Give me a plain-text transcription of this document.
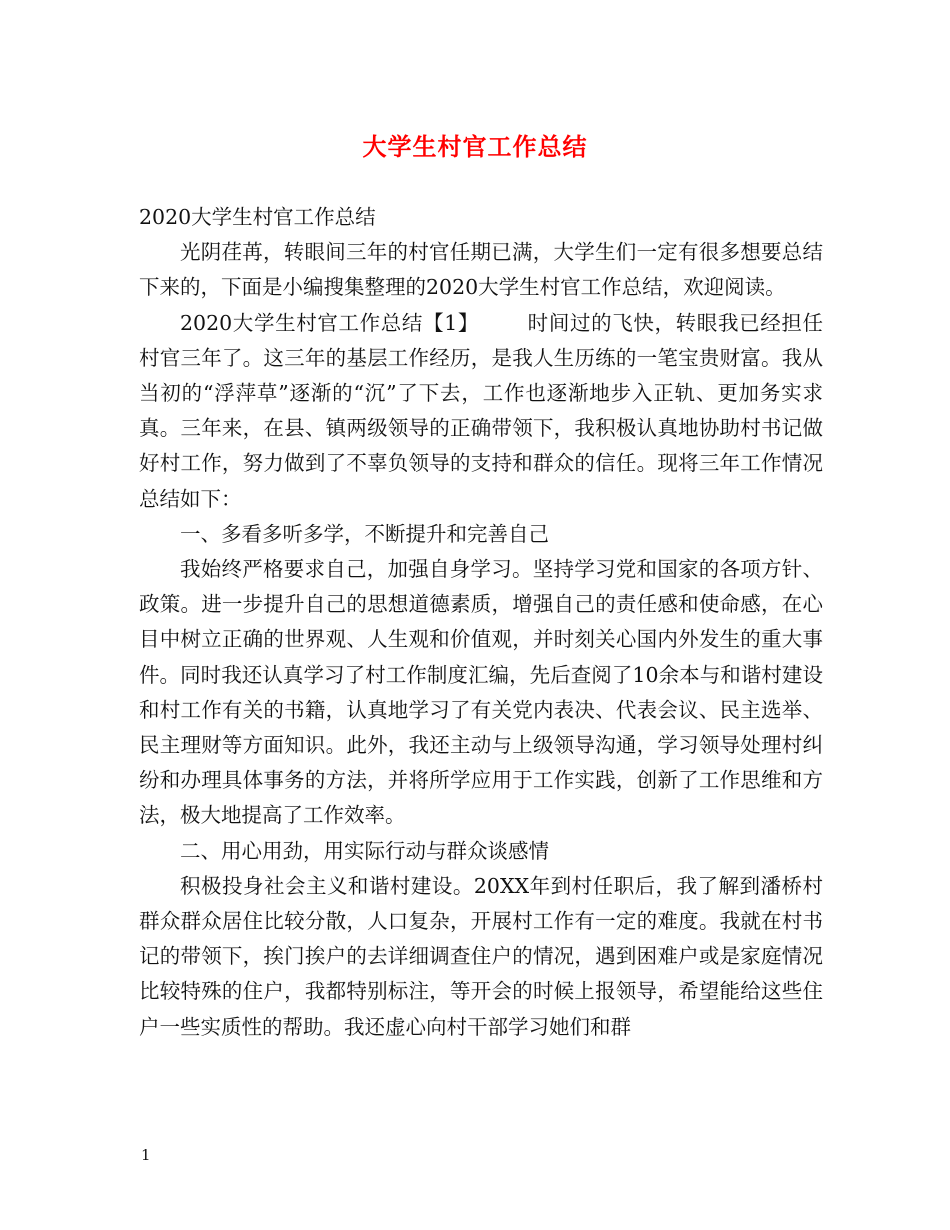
大学生村官工作总结

2020大学生村官工作总结

光阴荏苒，转眼间三年的村官任期已满，大学生们一定有很多想要总结下来的，下面是小编搜集整理的2020大学生村官工作总结，欢迎阅读。

2020大学生村官工作总结【1】 时间过的飞快，转眼我已经担任村官三年了。这三年的基层工作经历，是我人生历练的一笔宝贵财富。我从当初的“浮萍草”逐渐的“沉”了下去，工作也逐渐地步入正轨、更加务实求真。三年来，在县、镇两级领导的正确带领下，我积极认真地协助村书记做好村工作，努力做到了不辜负领导的支持和群众的信任。现将三年工作情况总结如下：

一、多看多听多学，不断提升和完善自己

我始终严格要求自己，加强自身学习。坚持学习党和国家的各项方针、政策。进一步提升自己的思想道德素质，增强自己的责任感和使命感，在心目中树立正确的世界观、人生观和价值观，并时刻关心国内外发生的重大事件。同时我还认真学习了村工作制度汇编，先后查阅了10余本与和谐村建设和村工作有关的书籍，认真地学习了有关党内表决、代表会议、民主选举、民主理财等方面知识。此外，我还主动与上级领导沟通，学习领导处理村纠纷和办理具体事务的方法，并将所学应用于工作实践，创新了工作思维和方法，极大地提高了工作效率。

二、用心用劲，用实际行动与群众谈感情

积极投身社会主义和谐村建设。20XX年到村任职后，我了解到潘桥村群众群众居住比较分散，人口复杂，开展村工作有一定的难度。我就在村书记的带领下，挨门挨户的去详细调查住户的情况，遇到困难户或是家庭情况比较特殊的住户，我都特别标注，等开会的时候上报领导，希望能给这些住户一些实质性的帮助。我还虚心向村干部学习她们和群

1
